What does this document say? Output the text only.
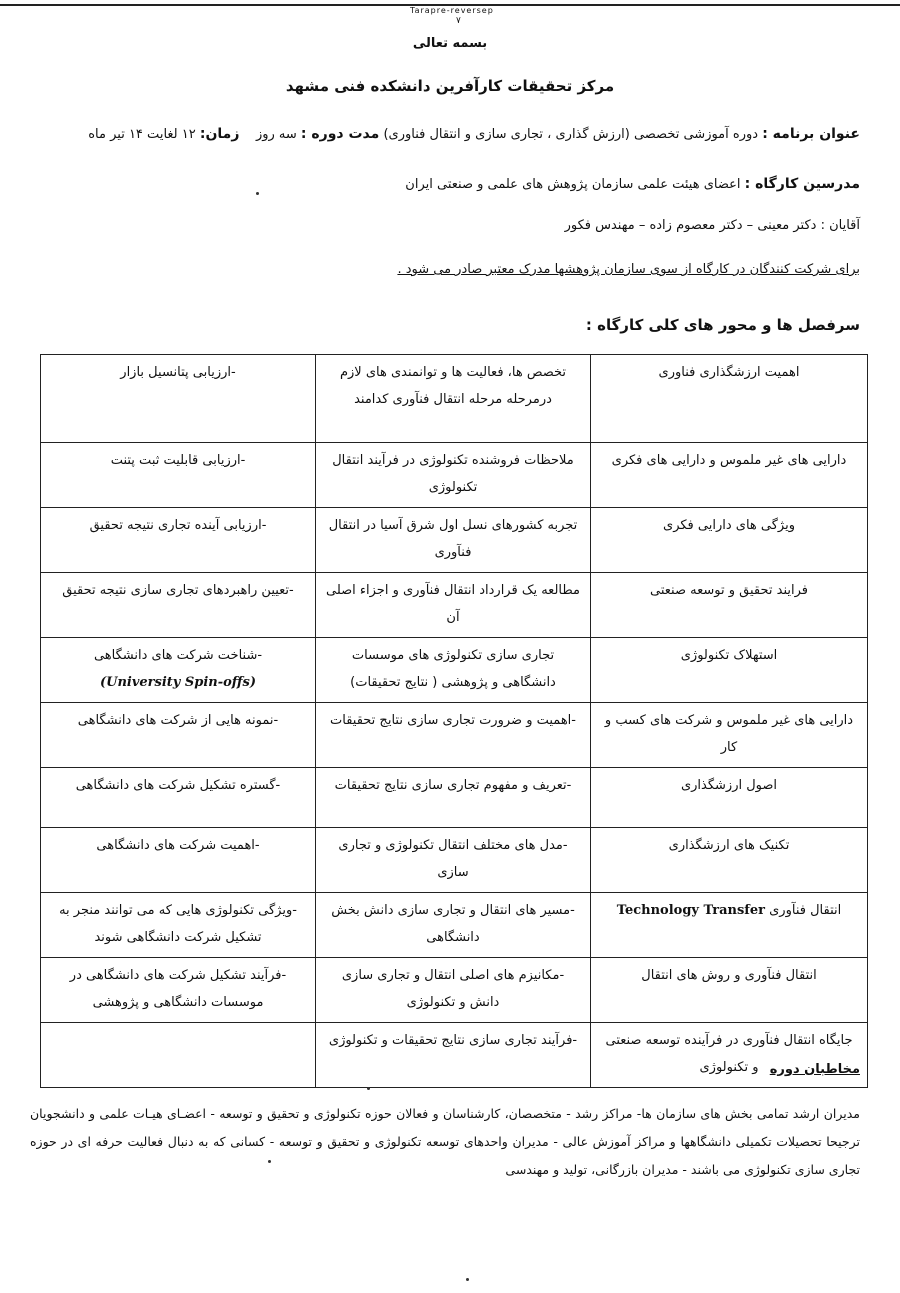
Tarapre-reversep
٧
بسمه تعالی
مرکز تحقیقات کارآفرین دانشکده فنی مشهد
عنوان برنامه : دوره آموزشی تخصصی (ارزش گذاری ، تجاری سازی و انتقال فناوری) مدت دوره : سه روز    زمان: ۱۲ لغایت ۱۴ تیر ماه
مدرسین کارگاه : اعضای هیئت علمی سازمان پژوهش های علمی و صنعتی ایران
آقایان : دکتر معینی – دکتر معصوم زاده – مهندس فکور
برای شرکت کنندگان در کارگاه از سوی سازمان پژوهشها مدرک معتبر صادر می شود .
سرفصل ها و محور های کلی کارگاه :
اهمیت ارزشگذاری فناوری	تخصص ها، فعالیت ها و توانمندی های لازم درمرحله مرحله انتقال فنآوری کدامند	-ارزیابی پتانسیل بازار
دارایی های غیر ملموس و دارایی های فکری	ملاحظات فروشنده تکنولوژی در فرآیند انتقال تکنولوژی	-ارزیابی قابلیت ثبت پتنت
ویژگی های دارایی فکری	تجربه کشورهای نسل اول شرق آسیا در انتقال فنآوری	-ارزیابی آینده تجاری نتیجه تحقیق
فرایند تحقیق و توسعه صنعتی	مطالعه یک قرارداد انتقال فنآوری و اجزاء اصلی آن	-تعیین راهبردهای تجاری سازی نتیجه تحقیق
استهلاک تکنولوژی	تجاری سازی تکنولوژی های موسسات دانشگاهی و پژوهشی ( نتایج تحقیقات)	-شناخت شرکت های دانشگاهی
(University Spin-offs)
دارایی های غیر ملموس و شرکت های کسب و کار	-اهمیت و ضرورت تجاری سازی نتایج تحقیقات	-نمونه هایی از شرکت های دانشگاهی
اصول ارزشگذاری	-تعریف و مفهوم تجاری سازی نتایج تحقیقات	-گستره تشکیل شرکت های دانشگاهی
تکنیک های ارزشگذاری	-مدل های مختلف انتقال تکنولوژی و تجاری سازی	-اهمیت شرکت های دانشگاهی
انتقال فنآوری Technology Transfer	-مسیر های انتقال و تجاری سازی دانش بخش دانشگاهی	-ویژگی تکنولوژی هایی که می توانند منجر به تشکیل شرکت دانشگاهی شوند
انتقال فنآوری و روش های انتقال	-مکانیزم های اصلی انتقال و تجاری سازی دانش و تکنولوژی	-فرآیند تشکیل شرکت های دانشگاهی در موسسات دانشگاهی و پژوهشی
جایگاه انتقال فنآوری در فرآینده توسعه صنعتی و تکنولوژی	-فرآیند تجاری سازی نتایج تحقیقات و تکنولوژی	
مخاطبان دوره
مدیران ارشد تمامی بخش های سازمان ها- مراکز رشد - متخصصان، کارشناسان و فعالان حوزه تکنولوژی و تحقیق و توسعه - اعضـای هیـات علمی و دانشجویان ترجیحا تحصیلات تکمیلی دانشگاهها و مراکز آموزش عالی - مدیران واحدهای توسعه تکنولوژی و تحقیق و توسعه - کسانی که به دنبال فعالیت حرفه ای در حوزه تجاری سازی تکنولوژی می باشند - مدیران بازرگانی، تولید و مهندسی
